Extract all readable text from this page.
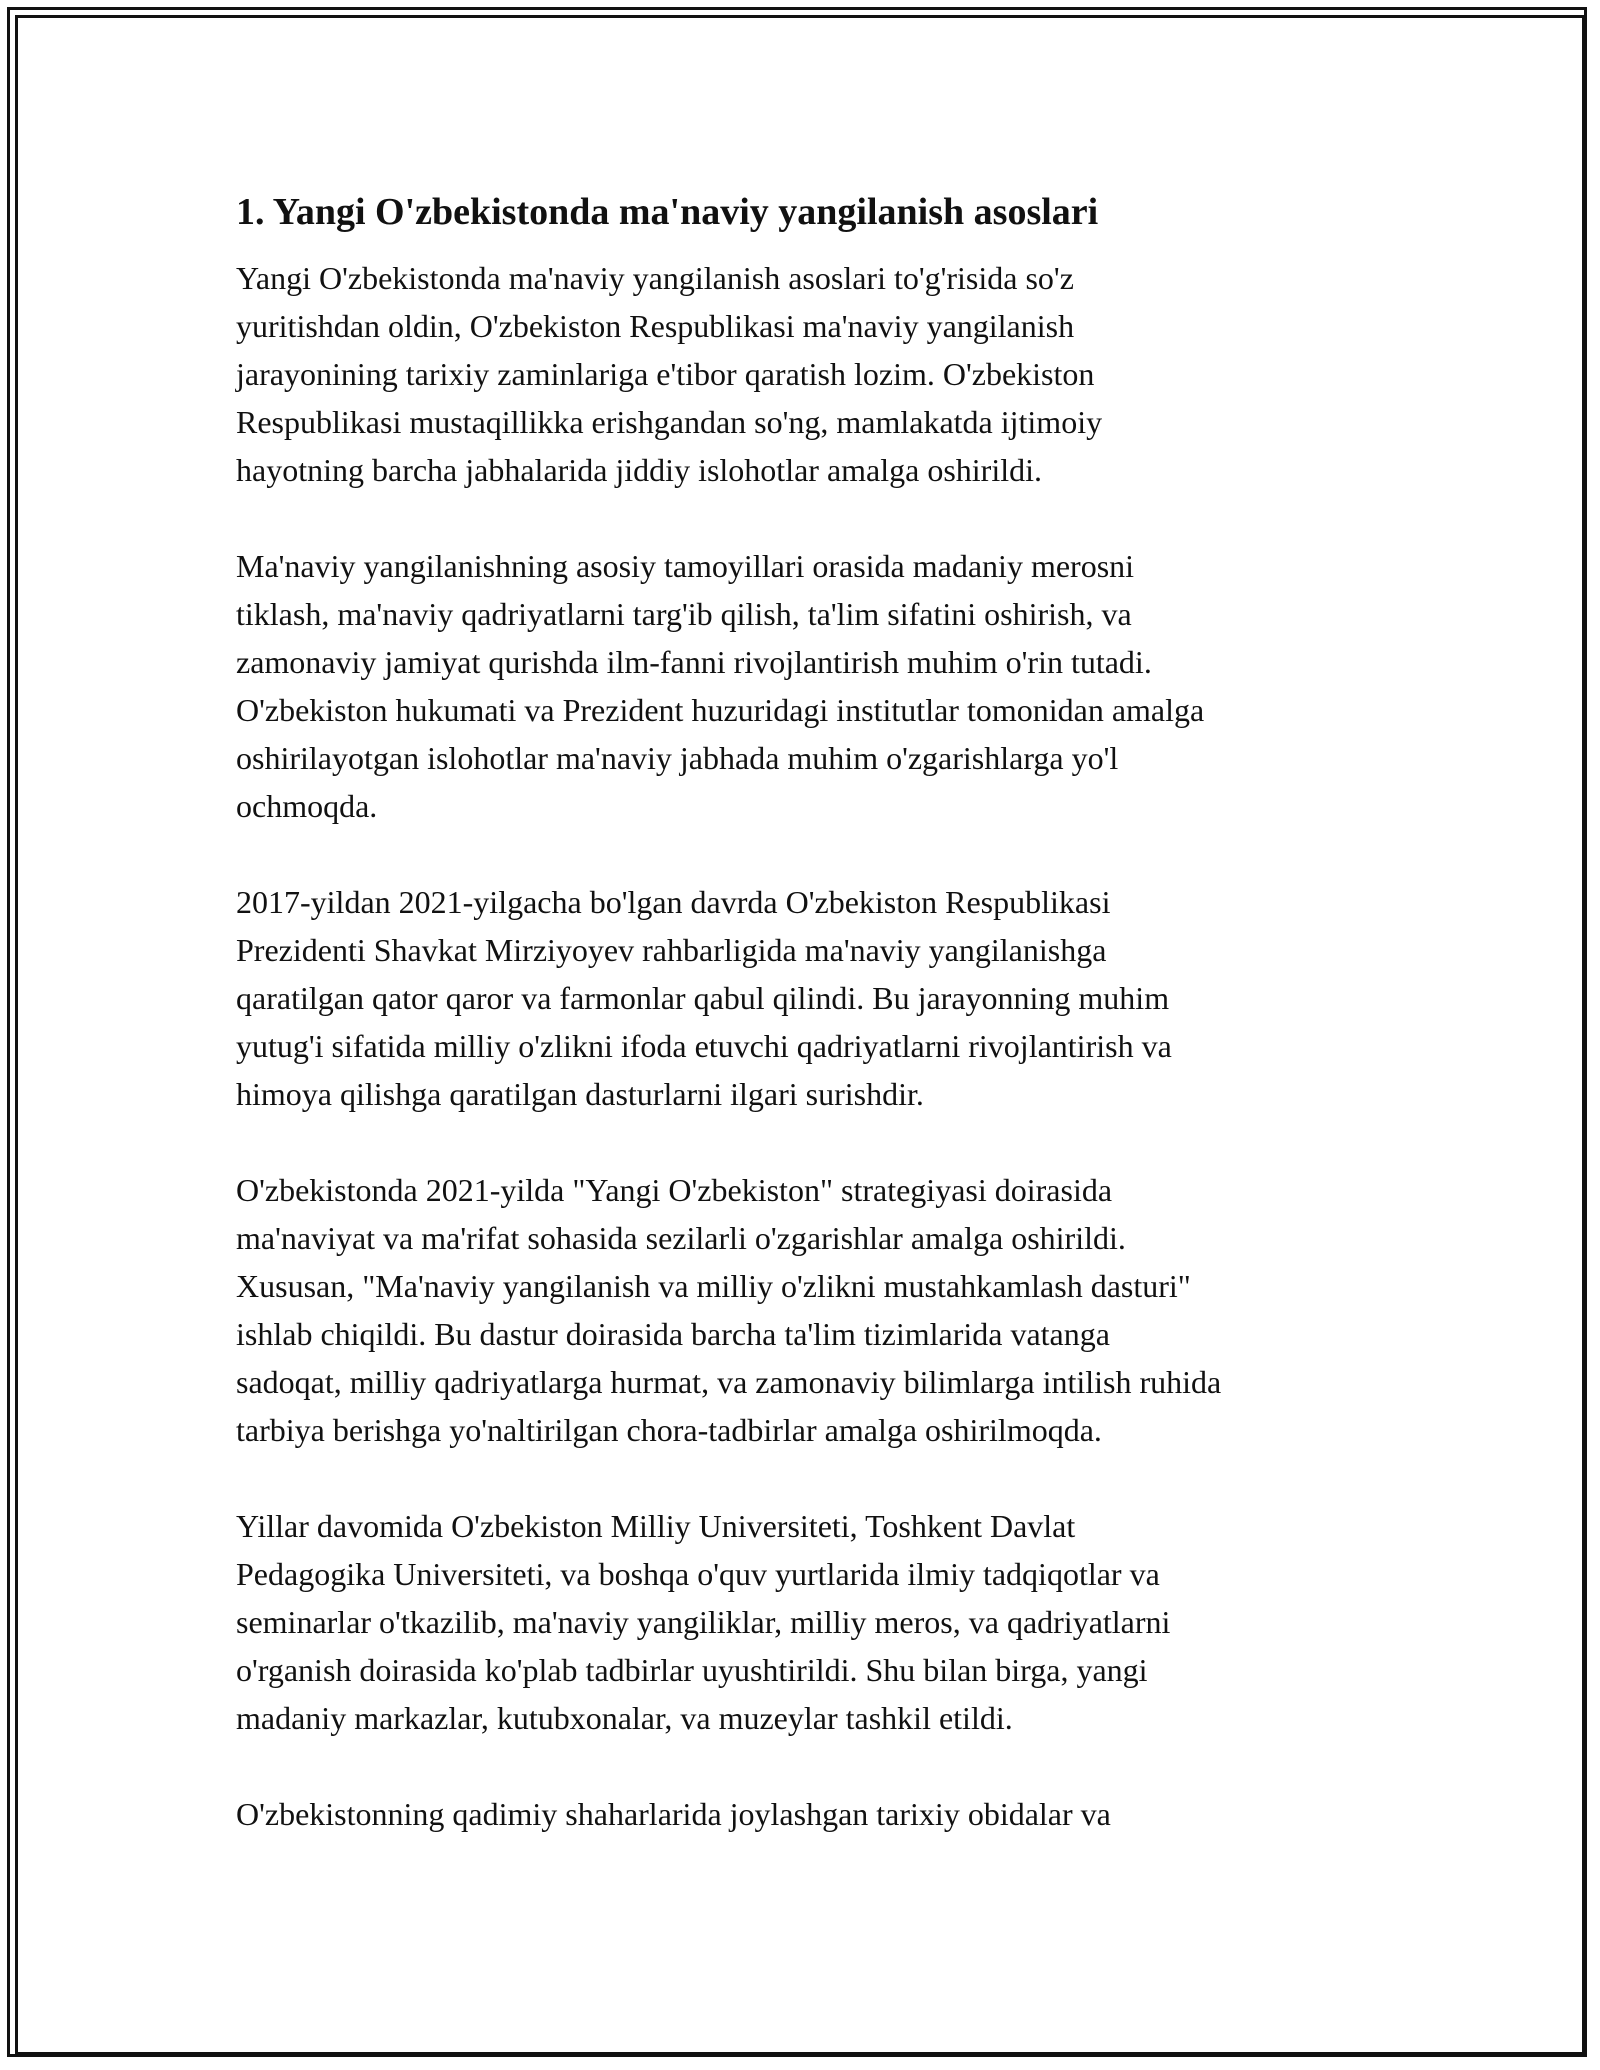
1. Yangi O'zbekistonda ma'naviy yangilanish asoslari

Yangi O'zbekistonda ma'naviy yangilanish asoslari to'g'risida so'z
yuritishdan oldin, O'zbekiston Respublikasi ma'naviy yangilanish
jarayonining tarixiy zaminlariga e'tibor qaratish lozim. O'zbekiston
Respublikasi mustaqillikka erishgandan so'ng, mamlakatda ijtimoiy
hayotning barcha jabhalarida jiddiy islohotlar amalga oshirildi.

Ma'naviy yangilanishning asosiy tamoyillari orasida madaniy merosni
tiklash, ma'naviy qadriyatlarni targ'ib qilish, ta'lim sifatini oshirish, va
zamonaviy jamiyat qurishda ilm-fanni rivojlantirish muhim o'rin tutadi.
O'zbekiston hukumati va Prezident huzuridagi institutlar tomonidan amalga
oshirilayotgan islohotlar ma'naviy jabhada muhim o'zgarishlarga yo'l
ochmoqda.

2017-yildan 2021-yilgacha bo'lgan davrda O'zbekiston Respublikasi
Prezidenti Shavkat Mirziyoyev rahbarligida ma'naviy yangilanishga
qaratilgan qator qaror va farmonlar qabul qilindi. Bu jarayonning muhim
yutug'i sifatida milliy o'zlikni ifoda etuvchi qadriyatlarni rivojlantirish va
himoya qilishga qaratilgan dasturlarni ilgari surishdir.

O'zbekistonda 2021-yilda "Yangi O'zbekiston" strategiyasi doirasida
ma'naviyat va ma'rifat sohasida sezilarli o'zgarishlar amalga oshirildi.
Xususan, "Ma'naviy yangilanish va milliy o'zlikni mustahkamlash dasturi"
ishlab chiqildi. Bu dastur doirasida barcha ta'lim tizimlarida vatanga
sadoqat, milliy qadriyatlarga hurmat, va zamonaviy bilimlarga intilish ruhida
tarbiya berishga yo'naltirilgan chora-tadbirlar amalga oshirilmoqda.

Yillar davomida O'zbekiston Milliy Universiteti, Toshkent Davlat
Pedagogika Universiteti, va boshqa o'quv yurtlarida ilmiy tadqiqotlar va
seminarlar o'tkazilib, ma'naviy yangiliklar, milliy meros, va qadriyatlarni
o'rganish doirasida ko'plab tadbirlar uyushtirildi. Shu bilan birga, yangi
madaniy markazlar, kutubxonalar, va muzeylar tashkil etildi.

O'zbekistonning qadimiy shaharlarida joylashgan tarixiy obidalar va
